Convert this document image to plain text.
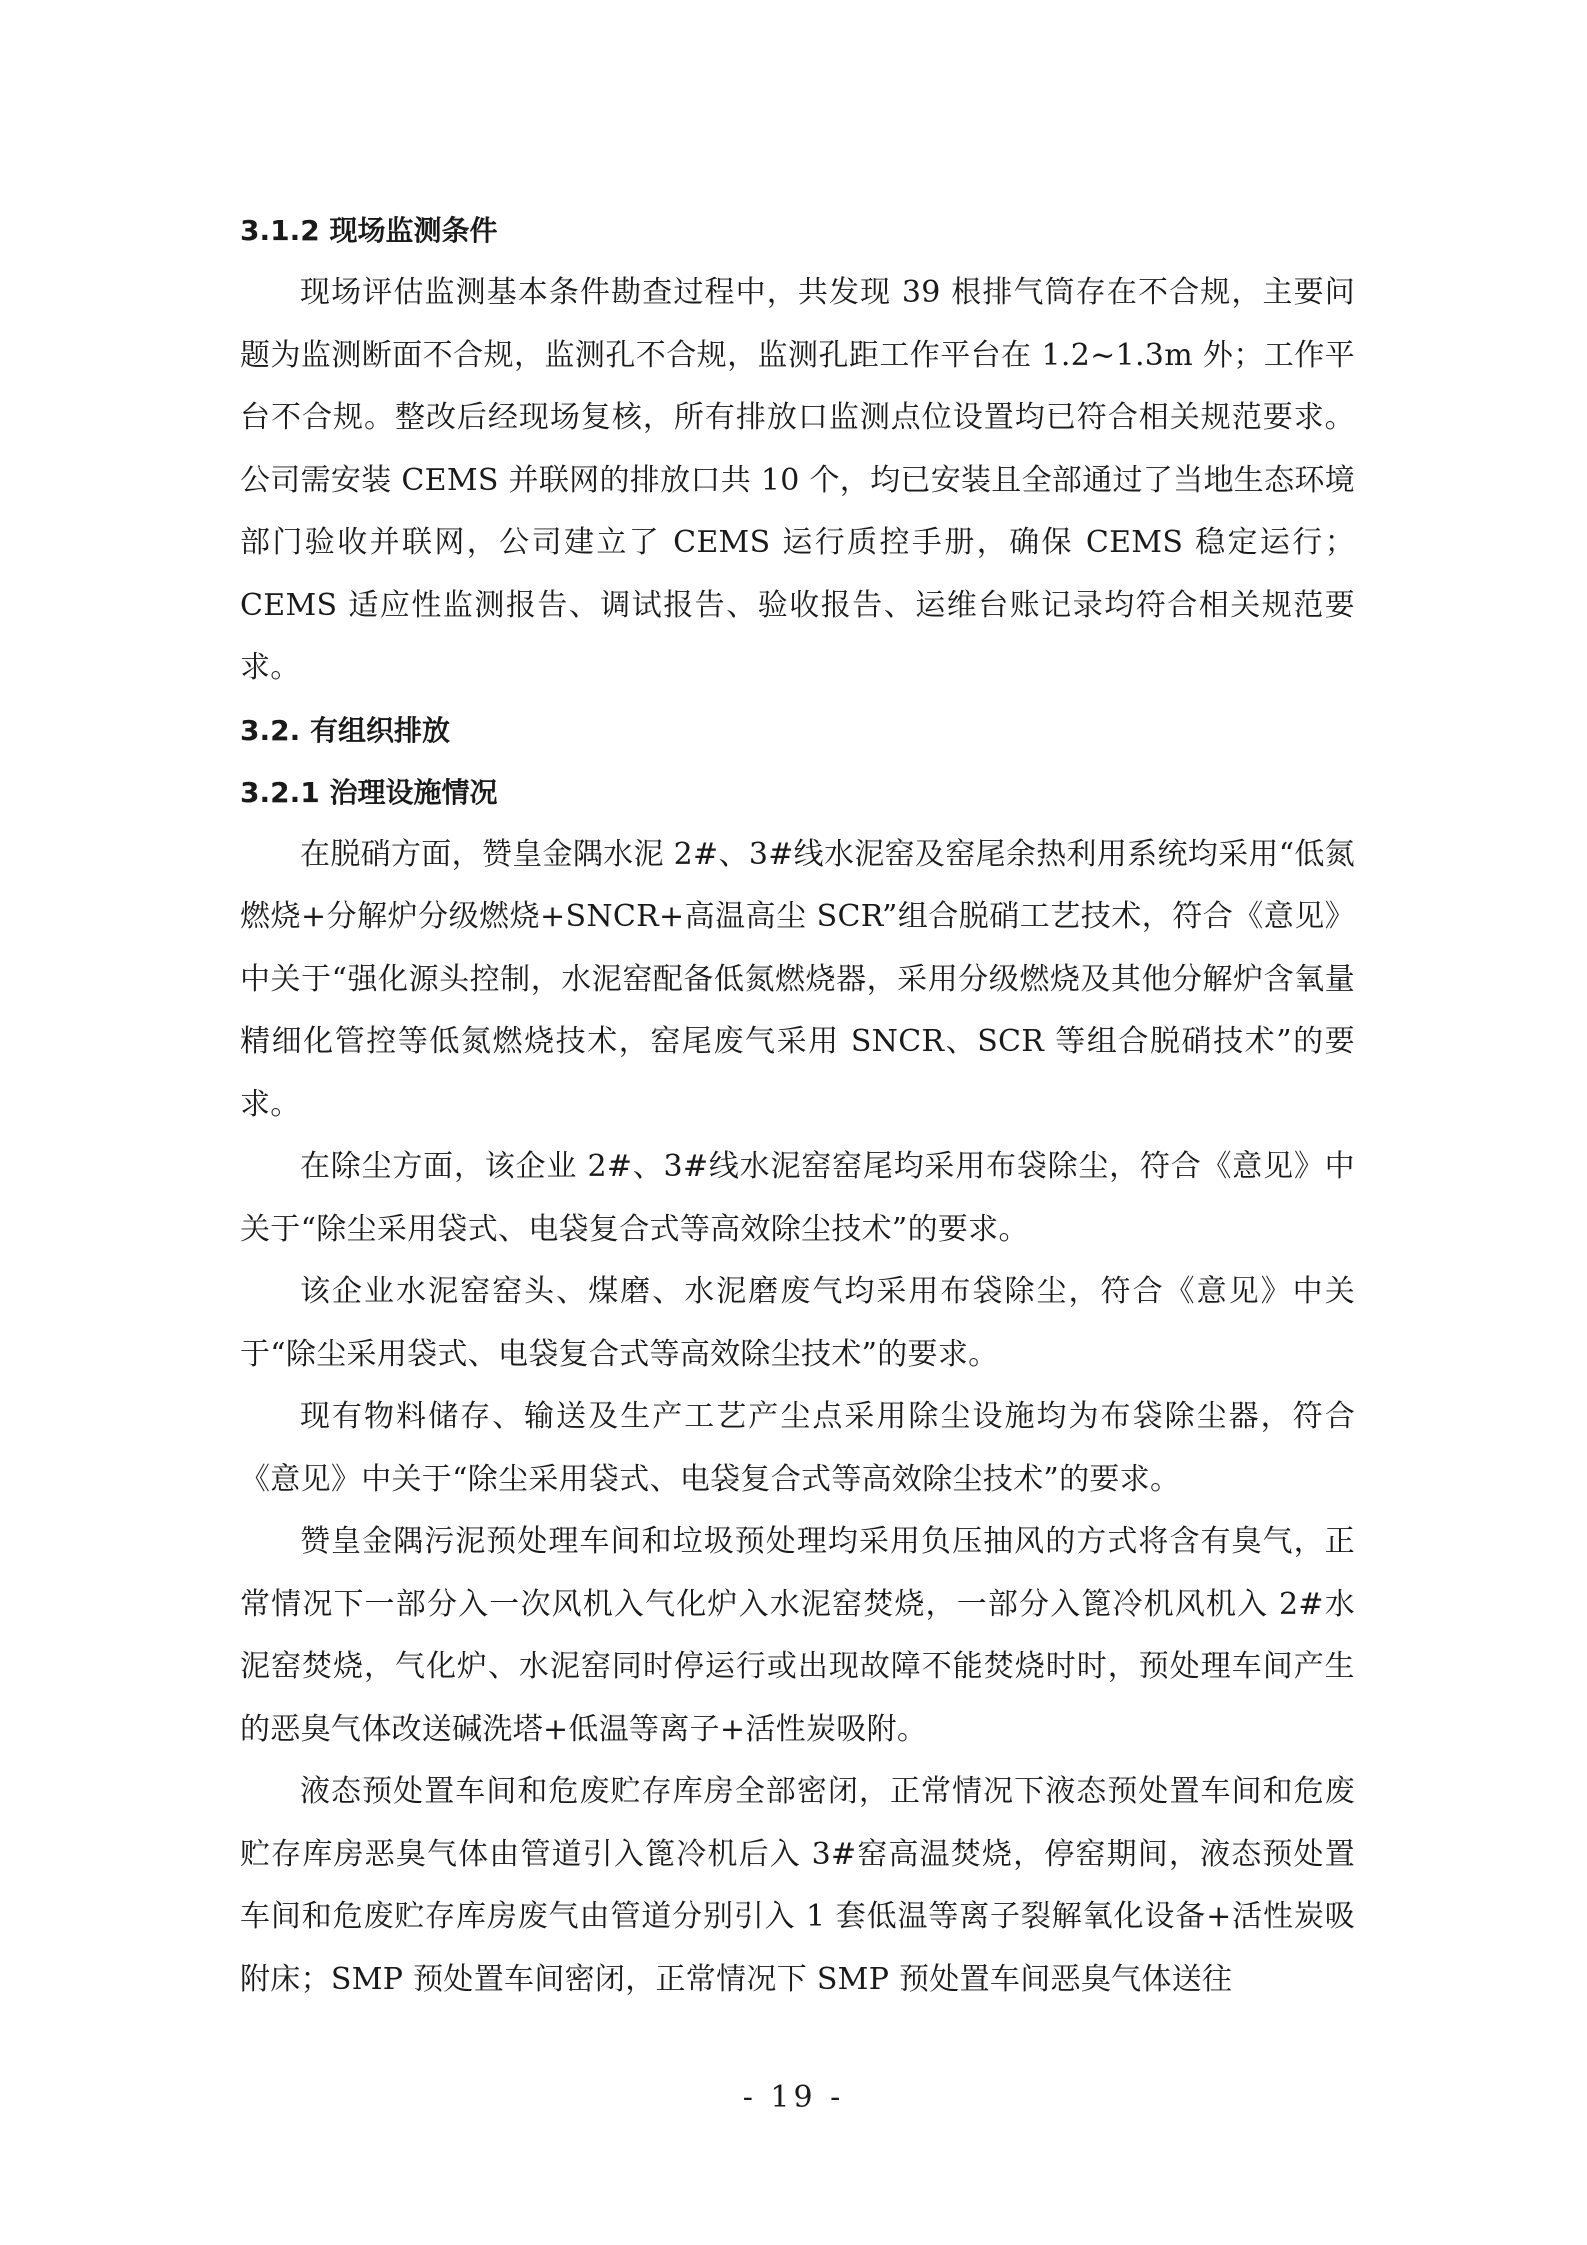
3.1.2 现场监测条件

现场评估监测基本条件勘查过程中，共发现 39 根排气筒存在不合规，主要问题为监测断面不合规，监测孔不合规，监测孔距工作平台在 1.2~1.3m 外；工作平台不合规。整改后经现场复核，所有排放口监测点位设置均已符合相关规范要求。公司需安装 CEMS 并联网的排放口共 10 个，均已安装且全部通过了当地生态环境部门验收并联网，公司建立了 CEMS 运行质控手册，确保 CEMS 稳定运行；CEMS 适应性监测报告、调试报告、验收报告、运维台账记录均符合相关规范要求。

3.2. 有组织排放
3.2.1 治理设施情况

在脱硝方面，赞皇金隅水泥 2#、3#线水泥窑及窑尾余热利用系统均采用“低氮燃烧+分解炉分级燃烧+SNCR+高温高尘 SCR”组合脱硝工艺技术，符合《意见》中关于“强化源头控制，水泥窑配备低氮燃烧器，采用分级燃烧及其他分解炉含氧量精细化管控等低氮燃烧技术，窑尾废气采用 SNCR、SCR 等组合脱硝技术”的要求。

在除尘方面，该企业 2#、3#线水泥窑窑尾均采用布袋除尘，符合《意见》中关于“除尘采用袋式、电袋复合式等高效除尘技术”的要求。

该企业水泥窑窑头、煤磨、水泥磨废气均采用布袋除尘，符合《意见》中关于“除尘采用袋式、电袋复合式等高效除尘技术”的要求。

现有物料储存、输送及生产工艺产尘点采用除尘设施均为布袋除尘器，符合《意见》中关于“除尘采用袋式、电袋复合式等高效除尘技术”的要求。

赞皇金隅污泥预处理车间和垃圾预处理均采用负压抽风的方式将含有臭气，正常情况下一部分入一次风机入气化炉入水泥窑焚烧，一部分入篦冷机风机入 2#水泥窑焚烧，气化炉、水泥窑同时停运行或出现故障不能焚烧时时，预处理车间产生的恶臭气体改送碱洗塔+低温等离子+活性炭吸附。

液态预处置车间和危废贮存库房全部密闭，正常情况下液态预处置车间和危废贮存库房恶臭气体由管道引入篦冷机后入 3#窑高温焚烧，停窑期间，液态预处置车间和危废贮存库房废气由管道分别引入 1 套低温等离子裂解氧化设备+活性炭吸附床；SMP 预处置车间密闭，正常情况下 SMP 预处置车间恶臭气体送往

- 19 -
